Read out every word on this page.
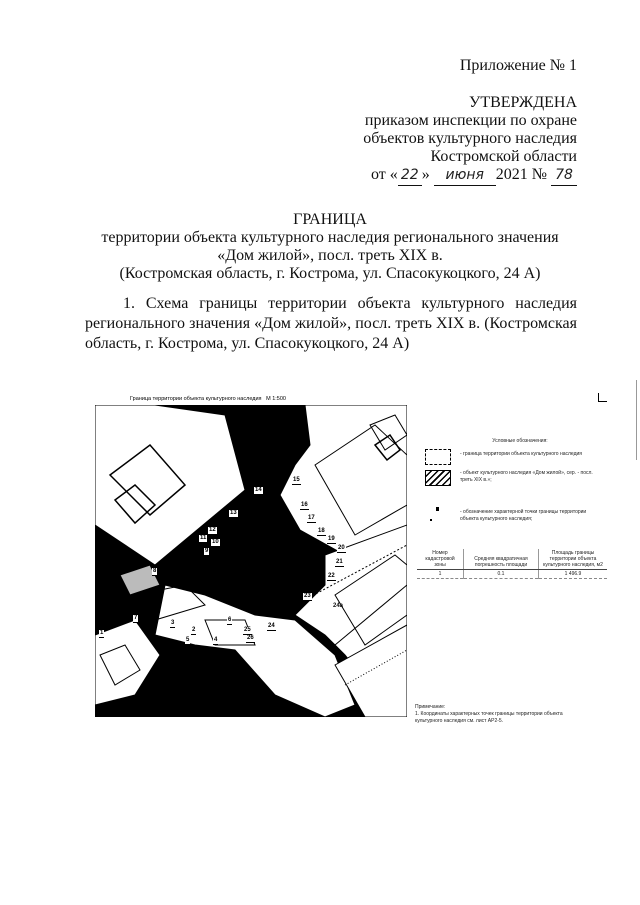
Приложение № 1
УТВЕРЖДЕНА
приказом инспекции по охране
объектов культурного наследия
Костромской области
от « 22 » июня 2021 № 78
ГРАНИЦА
территории объекта культурного наследия регионального значения
«Дом жилой», посл. треть XIX в.
(Костромская область, г. Кострома, ул. Спасокукоцкого, 24 А)
1. Схема границы территории объекта культурного наследия регионального значения «Дом жилой», посл. треть XIX в. (Костромская область, г. Кострома, ул. Спасокукоцкого, 24 А)
Граница территории объекта культурного наследия М 1:500
1	2
3
4
5
6
7
8
9
10
11
12
13
14
15
16
17
18
19
20
21
22
23
24
25
26
24а
Условные обозначения:
- граница территории объекта культурного наследия
- объект культурного наследия «Дом жилой», сер. - посл. треть XIX в.»;
- обозначение характерной точки границы территории объекта культурного наследия;
Номер кадастровой зоны	Средняя квадратичная погрешность площади	Площадь границы территории объекта культурного наследия, м2
1	0.1	1 496.9
Примечание:
1. Координаты характерных точек границы территории объекта культурного наследия см. лист АР2-5.
